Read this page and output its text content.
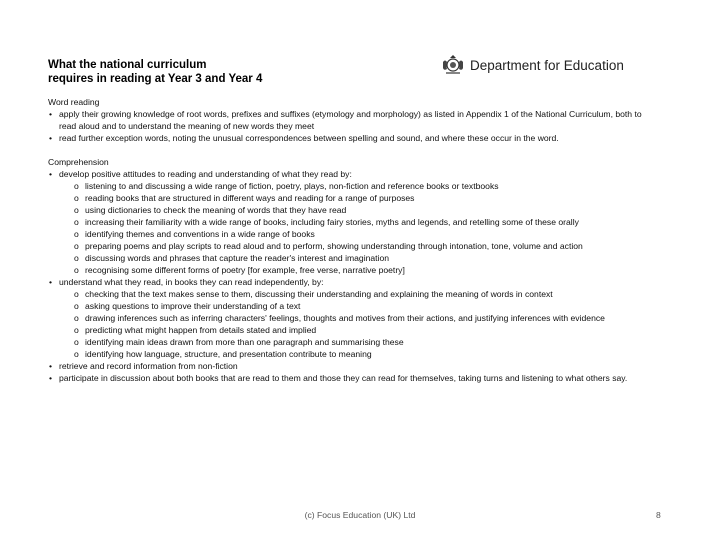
What the national curriculum
requires in reading at Year 3 and Year 4
Department for Education

Word reading

• apply their growing knowledge of root words, prefixes and suffixes (etymology and morphology) as listed in Appendix 1 of the National Curriculum, both to read aloud and to understand the meaning of new words they meet
• read further exception words, noting the unusual correspondences between spelling and sound, and where these occur in the word.

Comprehension

• develop positive attitudes to reading and understanding of what they read by:
o listening to and discussing a wide range of fiction, poetry, plays, non-fiction and reference books or textbooks
o reading books that are structured in different ways and reading for a range of purposes
o using dictionaries to check the meaning of words that they have read
o increasing their familiarity with a wide range of books, including fairy stories, myths and legends, and retelling some of these orally
o identifying themes and conventions in a wide range of books
o preparing poems and play scripts to read aloud and to perform, showing understanding through intonation, tone, volume and action
o discussing words and phrases that capture the reader's interest and imagination
o recognising some different forms of poetry [for example, free verse, narrative poetry]
• understand what they read, in books they can read independently, by:
o checking that the text makes sense to them, discussing their understanding and explaining the meaning of words in context
o asking questions to improve their understanding of a text
o drawing inferences such as inferring characters' feelings, thoughts and motives from their actions, and justifying inferences with evidence
o predicting what might happen from details stated and implied
o identifying main ideas drawn from more than one paragraph and summarising these
o identifying how language, structure, and presentation contribute to meaning
• retrieve and record information from non-fiction
• participate in discussion about both books that are read to them and those they can read for themselves, taking turns and listening to what others say.
(c) Focus Education (UK) Ltd	8
